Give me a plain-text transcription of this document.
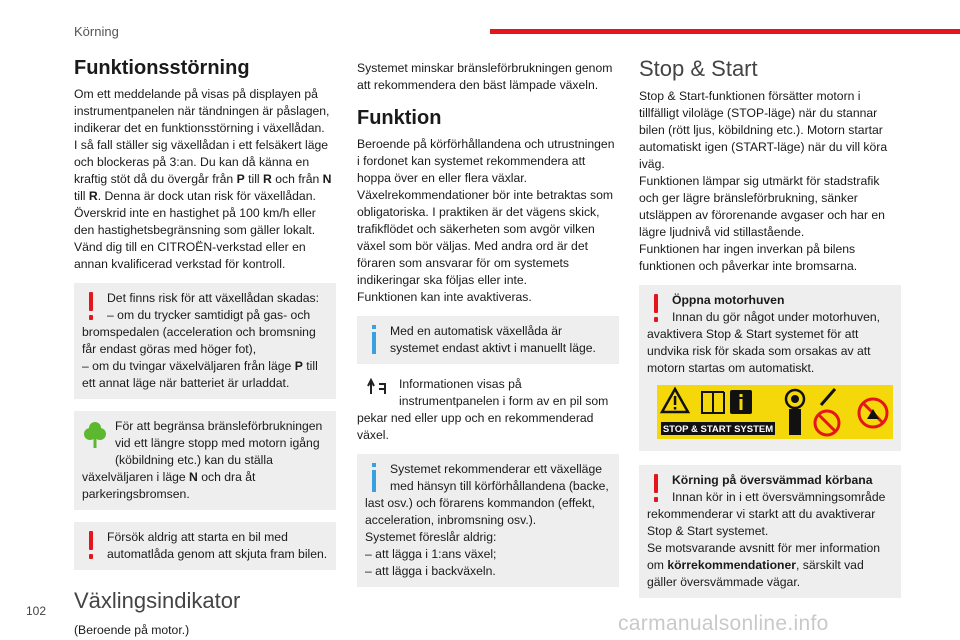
Körning
Funktionsstörning

Om ett meddelande på visas på displayen på instrumentpanelen när tändningen är påslagen, indikerar det en funktionsstörning i växellådan.
I så fall ställer sig växellådan i ett felsäkert läge och blockeras på 3:an. Du kan då känna en kraftig stöt då du övergår från P till R och från N till R. Denna är dock utan risk för växellådan.
Överskrid inte en hastighet på 100 km/h eller den hastighetsbegränsning som gäller lokalt.
Vänd dig till en CITROËN-verkstad eller en annan kvalificerad verkstad för kontroll.

Det finns risk för att växellådan skadas:
– om du trycker samtidigt på gas- och bromspedalen (acceleration och bromsning får endast göras med höger fot),
– om du tvingar växelväljaren från läge P till ett annat läge när batteriet är urladdat.

För att begränsa bränsleförbrukningen vid ett längre stopp med motorn igång (köbildning etc.) kan du ställa växelväljaren i läge N och dra åt parkeringsbromsen.

Försök aldrig att starta en bil med automatlåda genom att skjuta fram bilen.

Växlingsindikator

(Beroende på motor.)

Systemet minskar bränsleförbrukningen genom att rekommendera den bäst lämpade växeln.

Funktion

Beroende på körförhållandena och utrustningen i fordonet kan systemet rekommendera att hoppa över en eller flera växlar.
Växelrekommendationer bör inte betraktas som obligatoriska. I praktiken är det vägens skick, trafikflödet och säkerheten som avgör vilken växel som bör väljas. Med andra ord är det föraren som ansvarar för om systemets indikeringar ska följas eller inte.
Funktionen kan inte avaktiveras.

Med en automatisk växellåda är systemet endast aktivt i manuellt läge.

Informationen visas på instrumentpanelen i form av en pil som pekar ned eller upp och en rekommenderad växel.

Systemet rekommenderar ett växelläge med hänsyn till körförhållandena (backe, last osv.) och förarens kommandon (effekt, acceleration, inbromsning osv.).
Systemet föreslår aldrig:
– att lägga i 1:ans växel;
– att lägga i backväxeln.

Stop & Start

Stop & Start-funktionen försätter motorn i tillfälligt viloläge (STOP-läge) när du stannar bilen (rött ljus, köbildning etc.). Motorn startar automatiskt igen (START-läge) när du vill köra iväg.
Funktionen lämpar sig utmärkt för stadstrafik och ger lägre bränsleförbrukning, sänker utsläppen av förorenande avgaser och har en lägre ljudnivå vid stillastående.
Funktionen har ingen inverkan på bilens funktionen och påverkar inte bromsarna.

Öppna motorhuven
Innan du gör något under motorhuven, avaktivera Stop & Start systemet för att undvika risk för skada som orsakas av att motorn startas om automatiskt.

STOP & START SYSTEM

Körning på översvämmad körbana
Innan kör in i ett översvämningsområde rekommenderar vi starkt att du avaktiverar Stop & Start systemet.
Se motsvarande avsnitt för mer information om körrekommendationer, särskilt vad gäller översvämmade vägar.

102
carmanualsonline.info
